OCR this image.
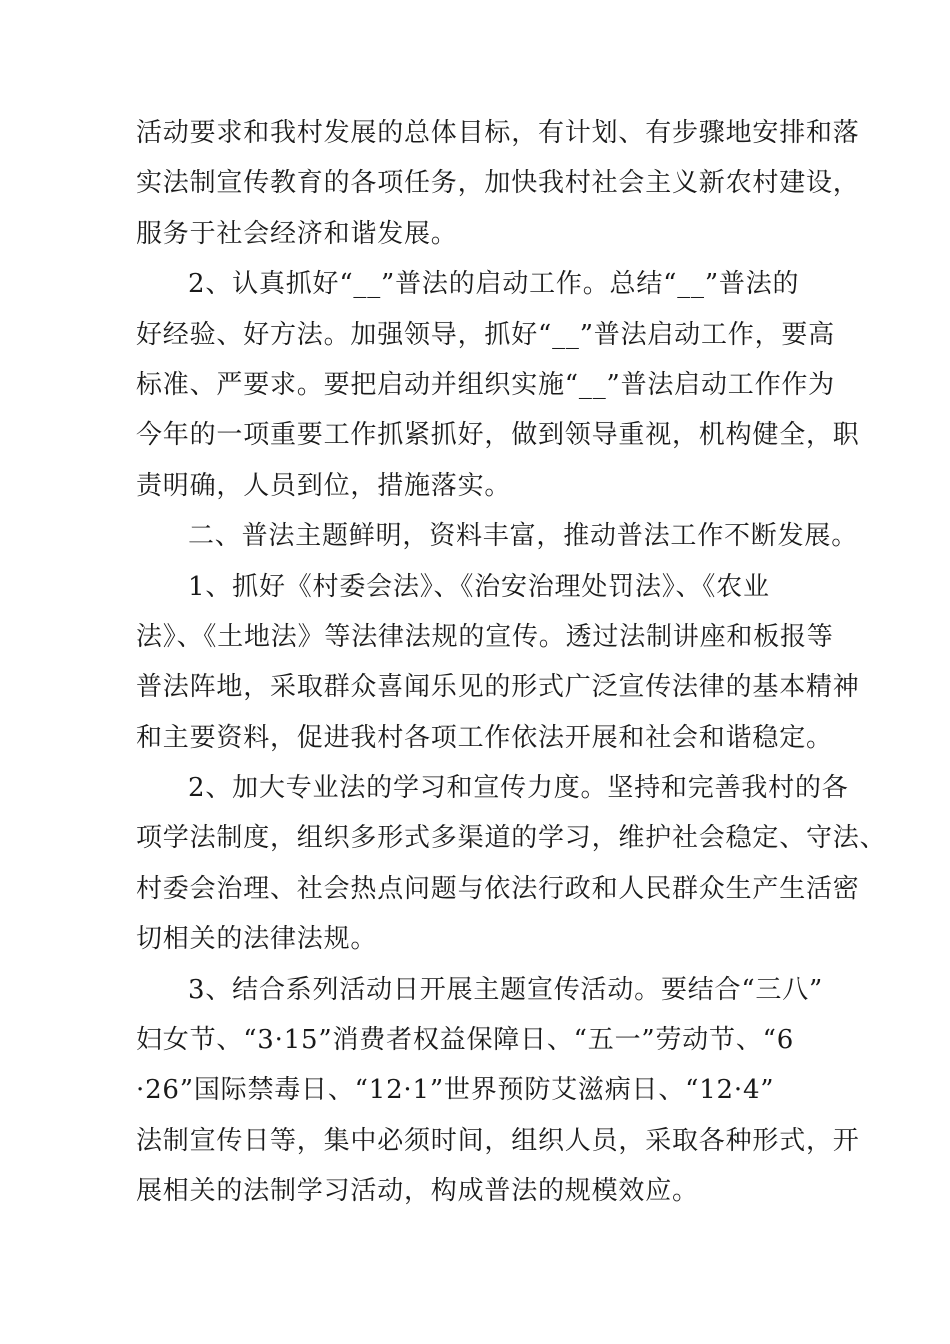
活动要求和我村发展的总体目标，有计划、有步骤地安排和落
实法制宣传教育的各项任务，加快我村社会主义新农村建设，
服务于社会经济和谐发展。
2、认真抓好“__”普法的启动工作。总结“__”普法的
好经验、好方法。加强领导，抓好“__”普法启动工作，要高
标准、严要求。要把启动并组织实施“__”普法启动工作作为
今年的一项重要工作抓紧抓好，做到领导重视，机构健全，职
责明确，人员到位，措施落实。
二、普法主题鲜明，资料丰富，推动普法工作不断发展。
1、抓好《村委会法》、《治安治理处罚法》、《农业
法》、《土地法》等法律法规的宣传。透过法制讲座和板报等
普法阵地，采取群众喜闻乐见的形式广泛宣传法律的基本精神
和主要资料，促进我村各项工作依法开展和社会和谐稳定。
2、加大专业法的学习和宣传力度。坚持和完善我村的各
项学法制度，组织多形式多渠道的学习，维护社会稳定、守法、
村委会治理、社会热点问题与依法行政和人民群众生产生活密
切相关的法律法规。
3、结合系列活动日开展主题宣传活动。要结合“三八”
妇女节、“3·15”消费者权益保障日、“五一”劳动节、“6
·26”国际禁毒日、“12·1”世界预防艾滋病日、“12·4”
法制宣传日等，集中必须时间，组织人员，采取各种形式，开
展相关的法制学习活动，构成普法的规模效应。
